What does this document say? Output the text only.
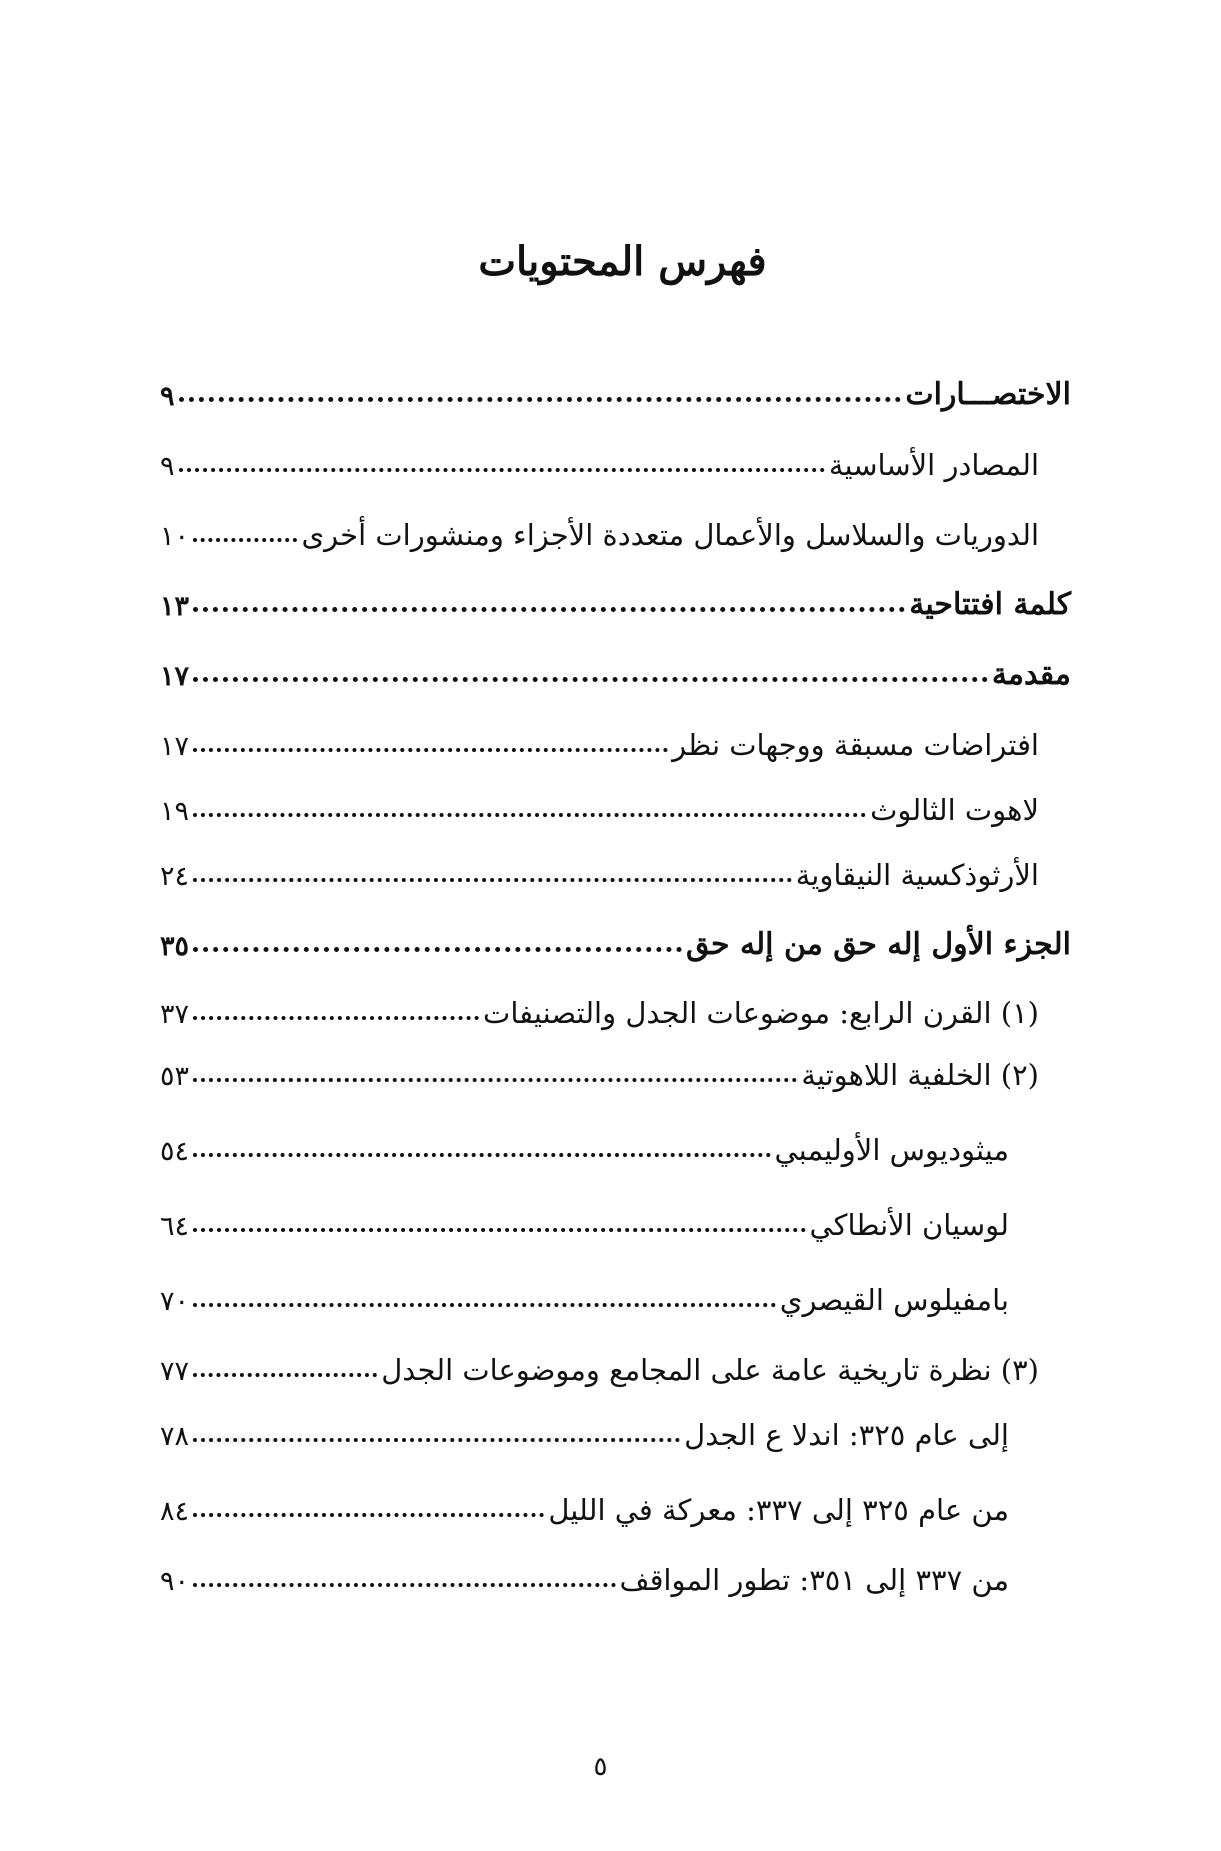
فهرس المحتويات
الاختصـــارات
٩
المصادر الأساسية
٩
الدوريات والسلاسل والأعمال متعددة الأجزاء ومنشورات أخرى
١٠
كلمة افتتاحية
١٣
مقدمة
١٧
افتراضات مسبقة ووجهات نظر
١٧
لاهوت الثالوث
١٩
الأرثوذكسية النيقاوية
٢٤
الجزء الأول إله حق من إله حق
٣٥
(١) القرن الرابع: موضوعات الجدل والتصنيفات
٣٧
(٢) الخلفية اللاهوتية
٥٣
ميثوديوس الأوليمبي
٥٤
لوسيان الأنطاكي
٦٤
بامفيلوس القيصري
٧٠
(٣) نظرة تاريخية عامة على المجامع وموضوعات الجدل
٧٧
إلى عام ٣٢٥: اندلا ع الجدل
٧٨
من عام ٣٢٥ إلى ٣٣٧: معركة في الليل
٨٤
من ٣٣٧ إلى ٣٥١: تطور المواقف
٩٠
٥
